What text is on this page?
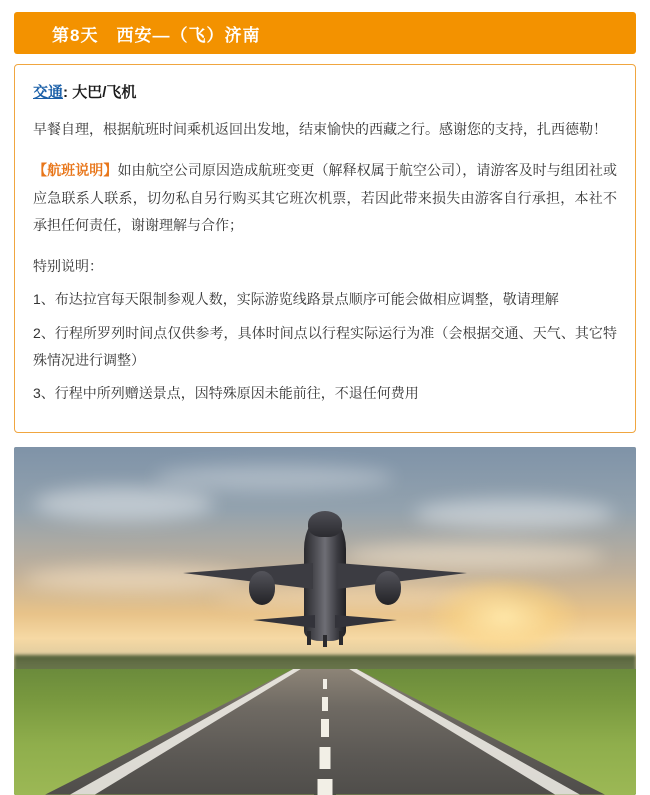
第8天　西安—（飞）济南
交通: 大巴/飞机

早餐自理，根据航班时间乘机返回出发地，结束愉快的西藏之行。感谢您的支持，扎西德勒！

【航班说明】如由航空公司原因造成航班变更（解释权属于航空公司），请游客及时与组团社或应急联系人联系，切勿私自另行购买其它班次机票，若因此带来损失由游客自行承担，本社不承担任何责任，谢谢理解与合作；

特别说明：

1、布达拉宫每天限制参观人数，实际游览线路景点顺序可能会做相应调整，敬请理解

2、行程所罗列时间点仅供参考，具体时间点以行程实际运行为准（会根据交通、天气、其它特殊情况进行调整）

3、行程中所列赠送景点，因特殊原因未能前往，不退任何费用
